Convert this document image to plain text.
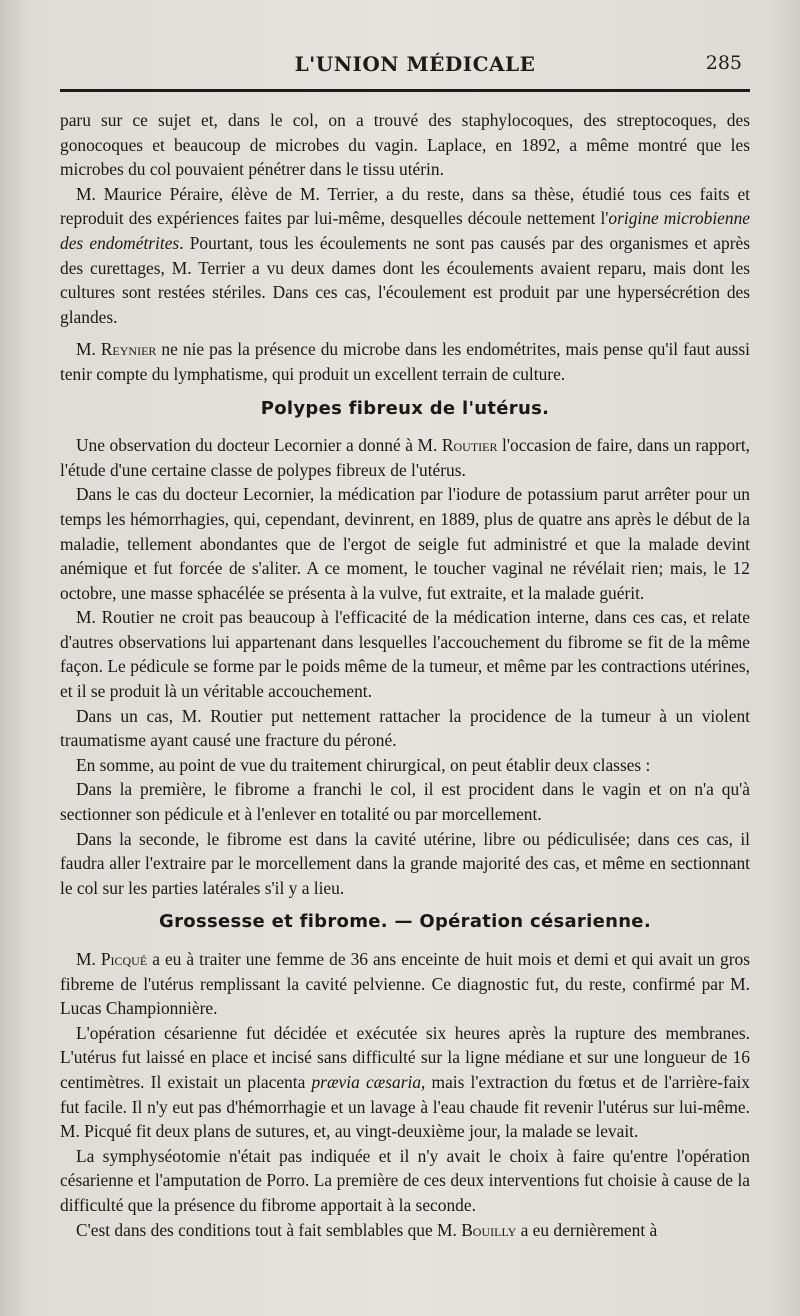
L'UNION MÉDICALE	285

paru sur ce sujet et, dans le col, on a trouvé des staphylocoques, des streptocoques, des gonocoques et beaucoup de microbes du vagin. Laplace, en 1892, a même montré que les microbes du col pouvaient pénétrer dans le tissu utérin.

M. Maurice Péraire, élève de M. Terrier, a du reste, dans sa thèse, étudié tous ces faits et reproduit des expériences faites par lui-même, desquelles découle nettement l'origine microbienne des endométrites. Pourtant, tous les écoulements ne sont pas causés par des organismes et après des curettages, M. Terrier a vu deux dames dont les écoulements avaient reparu, mais dont les cultures sont restées stériles. Dans ces cas, l'écoulement est produit par une hypersécrétion des glandes.

M. Reynier ne nie pas la présence du microbe dans les endométrites, mais pense qu'il faut aussi tenir compte du lymphatisme, qui produit un excellent terrain de culture.

Polypes fibreux de l'utérus.

Une observation du docteur Lecornier a donné à M. Routier l'occasion de faire, dans un rapport, l'étude d'une certaine classe de polypes fibreux de l'utérus.

Dans le cas du docteur Lecornier, la médication par l'iodure de potassium parut arrêter pour un temps les hémorrhagies, qui, cependant, devinrent, en 1889, plus de quatre ans après le début de la maladie, tellement abondantes que de l'ergot de seigle fut administré et que la malade devint anémique et fut forcée de s'aliter. A ce moment, le toucher vaginal ne révélait rien; mais, le 12 octobre, une masse sphacélée se présenta à la vulve, fut extraite, et la malade guérit.

M. Routier ne croit pas beaucoup à l'efficacité de la médication interne, dans ces cas, et relate d'autres observations lui appartenant dans lesquelles l'accouchement du fibrome se fit de la même façon. Le pédicule se forme par le poids même de la tumeur, et même par les contractions utérines, et il se produit là un véritable accouchement.

Dans un cas, M. Routier put nettement rattacher la procidence de la tumeur à un violent traumatisme ayant causé une fracture du péroné.

En somme, au point de vue du traitement chirurgical, on peut établir deux classes :

Dans la première, le fibrome a franchi le col, il est procident dans le vagin et on n'a qu'à sectionner son pédicule et à l'enlever en totalité ou par morcellement.

Dans la seconde, le fibrome est dans la cavité utérine, libre ou pédiculisée; dans ces cas, il faudra aller l'extraire par le morcellement dans la grande majorité des cas, et même en sectionnant le col sur les parties latérales s'il y a lieu.

Grossesse et fibrome. — Opération césarienne.

M. Picqué a eu à traiter une femme de 36 ans enceinte de huit mois et demi et qui avait un gros fibreme de l'utérus remplissant la cavité pelvienne. Ce diagnostic fut, du reste, confirmé par M. Lucas Championnière.

L'opération césarienne fut décidée et exécutée six heures après la rupture des membranes. L'utérus fut laissé en place et incisé sans difficulté sur la ligne médiane et sur une longueur de 16 centimètres. Il existait un placenta prævia cæsaria, mais l'extraction du fœtus et de l'arrière-faix fut facile. Il n'y eut pas d'hémorrhagie et un lavage à l'eau chaude fit revenir l'utérus sur lui-même. M. Picqué fit deux plans de sutures, et, au vingt-deuxième jour, la malade se levait.

La symphyséotomie n'était pas indiquée et il n'y avait le choix à faire qu'entre l'opération césarienne et l'amputation de Porro. La première de ces deux interventions fut choisie à cause de la difficulté que la présence du fibrome apportait à la seconde.

C'est dans des conditions tout à fait semblables que M. Bouilly a eu dernièrement à
